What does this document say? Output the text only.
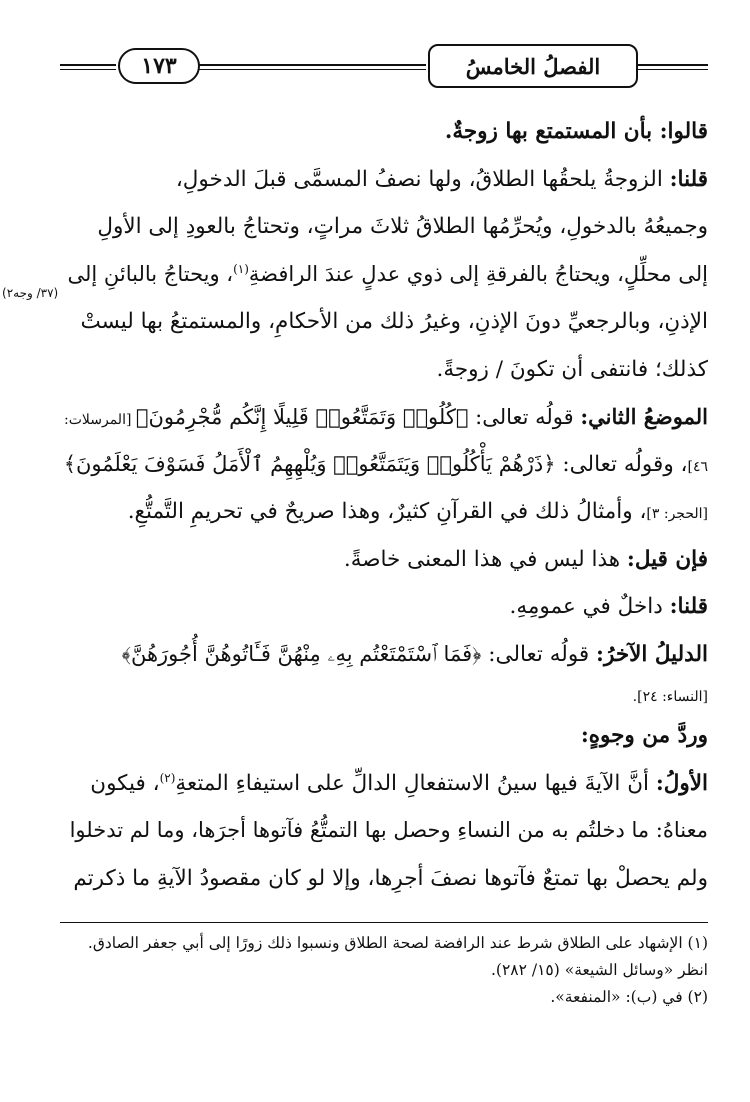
الفصلُ الخامسُ
١٧٣
(٣٧/ وجه٢)
قالوا: بأن المستمتع بها زوجةٌ.
قلنا: الزوجةُ يلحقُها الطلاقُ، ولها نصفُ المسمَّى قبلَ الدخولِ،
وجميعُهُ بالدخولِ، ويُحرِّمُها الطلاقُ ثلاثَ مراتٍ، وتحتاجُ بالعودِ إلى الأولِ
إلى محلِّلٍ، ويحتاجُ بالفرقةِ إلى ذوي عدلٍ عندَ الرافضةِ$^{(١)}$، ويحتاجُ بالبائنِ إلى
الإذنِ، وبالرجعيِّ دونَ الإذنِ، وغيرُ ذلك من الأحكامِ، والمستمتعُ بها ليستْ
كذلك؛ فانتفى أن تكونَ / زوجةً.
الموضعُ الثاني: قولُه تعالى: ﴿كُلُوا۟ وَتَمَتَّعُوا۟ قَلِيلًا إِنَّكُم مُّجْرِمُونَ﴾ [المرسلات:
٤٦]، وقولُه تعالى: ﴿ذَرْهُمْ يَأْكُلُوا۟ وَيَتَمَتَّعُوا۟ وَيُلْهِهِمُ ٱلْأَمَلُ فَسَوْفَ يَعْلَمُونَ﴾
[الحجر: ٣]، وأمثالُ ذلك في القرآنِ كثيرٌ، وهذا صريحٌ في تحريمِ التَّمتُّعِ.
فإن قيل: هذا ليس في هذا المعنى خاصةً.
قلنا: داخلٌ في عمومِهِ.
الدليلُ الآخرُ: قولُه تعالى: ﴿فَمَا ٱسْتَمْتَعْتُم بِهِۦ مِنْهُنَّ فَـَٔاتُوهُنَّ أُجُورَهُنَّ﴾
[النساء: ٢٤].
وردَّ من وجوهٍ:
الأولُ: أنَّ الآيةَ فيها سينُ الاستفعالِ الدالِّ على استيفاءِ المتعةِ$^{(٢)}$، فيكون
معناهُ: ما دخلتُم به من النساءِ وحصل بها التمتُّعُ فآتوها أجرَها، وما لم تدخلوا
ولم يحصلْ بها تمتعٌ فآتوها نصفَ أجرِها، وإلا لو كان مقصودُ الآيةِ ما ذكرتم
(١) الإشهاد على الطلاق شرط عند الرافضة لصحة الطلاق ونسبوا ذلك زورًا إلى أبي جعفر الصادق.
انظر «وسائل الشيعة» (١٥/ ٢٨٢).
(٢) في (ب): «المنفعة».
